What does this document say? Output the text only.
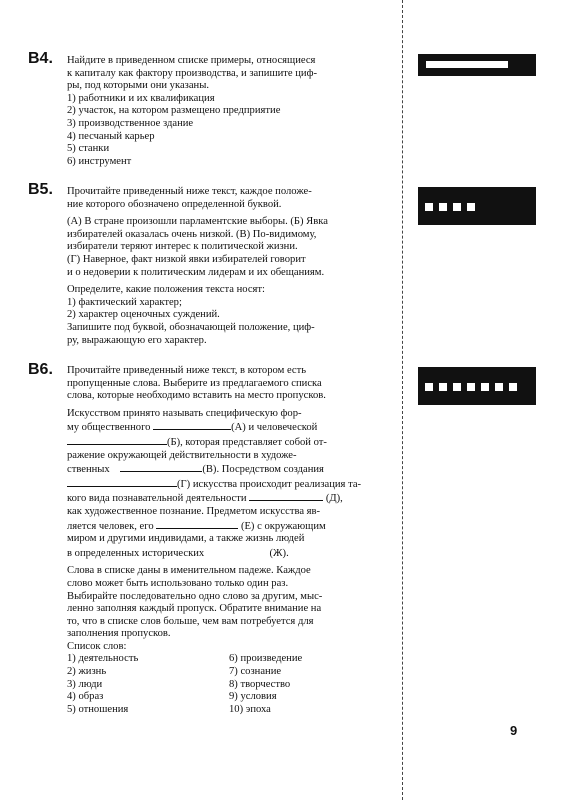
B4. Найдите в приведенном списке примеры, относящиеся

к капиталу как фактору производства, и запишите циф-

ры, под которыми они указаны.

1) работники и их квалификация

2) участок, на котором размещено предприятие

3) производственное здание

4) песчаный карьер

5) станки

6) инструмент

B5. Прочитайте приведенный ниже текст, каждое положе-

ние которого обозначено определенной буквой.

(А) В стране произошли парламентские выборы. (Б) Явка

избирателей оказалась очень низкой. (В) По-видимому,

избиратели теряют интерес к политической жизни.

(Г) Наверное, факт низкой явки избирателей говорит

и о недоверии к политическим лидерам и их обещаниям.

Определите, какие положения текста носят:

1) фактический характер;

2) характер оценочных суждений.

Запишите под буквой, обозначающей положение, циф-

ру, выражающую его характер.

B6. Прочитайте приведенный ниже текст, в котором есть

пропущенные слова. Выберите из предлагаемого списка

слова, которые необходимо вставить на место пропусков.

Искусством принято называть специфическую фор-

му общественного	(А) и человеческой

(Б), которая представляет собой от-

ражение окружающей действительности в художе-

ственных	(В). Посредством создания

(Г) искусства происходит реализация та-

кого вида познавательной деятельности	(Д),

как художественное познание. Предметом искусства яв-

ляется человек, его	(Е) с окружающим

миром и другими индивидами, а также жизнь людей

в определенных исторических	(Ж).

Слова в списке даны в именительном падеже. Каждое

слово может быть использовано только один раз.

Выбирайте последовательно одно слово за другим, мыс-

ленно заполняя каждый пропуск. Обратите внимание на

то, что в списке слов больше, чем вам потребуется для

заполнения пропусков.

Список слов:

1) деятельность

2) жизнь

3) люди

4) образ

5) отношения

6) произведение

7) сознание

8) творчество

9) условия

10) эпоха

9
